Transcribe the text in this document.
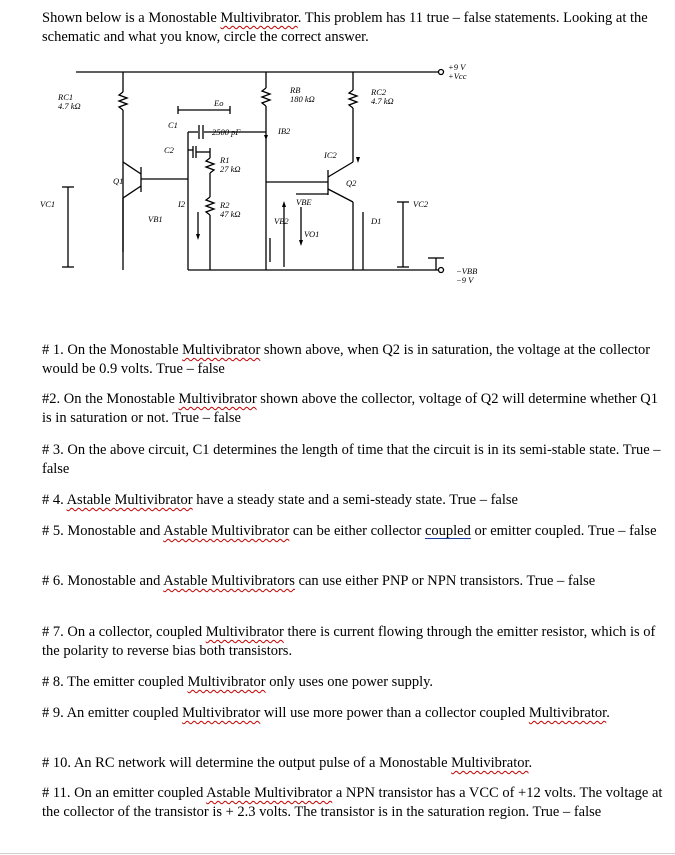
Shown below is a Monostable Multivibrator. This problem has 11 true – false statements. Looking at the schematic and what you know, circle the correct answer.
+9 V
+Vcc
−VBB
−9 V
RC1
4.7 kΩ
RB
180 kΩ
RC2
4.7 kΩ
Eo
C1
2500 pF	IB2
C2
R1
27 kΩ
IC2
Q1	Q2
VBE
VC1	VC2
I2
VB1
R2
47 kΩ
VB2
VO1
D1
# 1. On the Monostable Multivibrator shown above, when Q2 is in saturation, the voltage at the collector would be 0.9 volts. True – false
#2. On the Monostable Multivibrator shown above the collector, voltage of Q2 will determine whether Q1 is in saturation or not. True – false
# 3. On the above circuit, C1 determines the length of time that the circuit is in its semi-stable state. True – false
# 4. Astable Multivibrator have a steady state and a semi-steady state. True – false
# 5. Monostable and Astable Multivibrator can be either collector coupled or emitter coupled. True – false
# 6. Monostable and Astable Multivibrators can use either PNP or NPN transistors. True – false
# 7. On a collector, coupled Multivibrator there is current flowing through the emitter resistor, which is of the polarity to reverse bias both transistors.
# 8. The emitter coupled Multivibrator only uses one power supply.
# 9. An emitter coupled Multivibrator will use more power than a collector coupled Multivibrator.
# 10. An RC network will determine the output pulse of a Monostable Multivibrator.
# 11. On an emitter coupled Astable Multivibrator a NPN transistor has a VCC of +12 volts. The voltage at the collector of the transistor is + 2.3 volts. The transistor is in the saturation region. True – false
